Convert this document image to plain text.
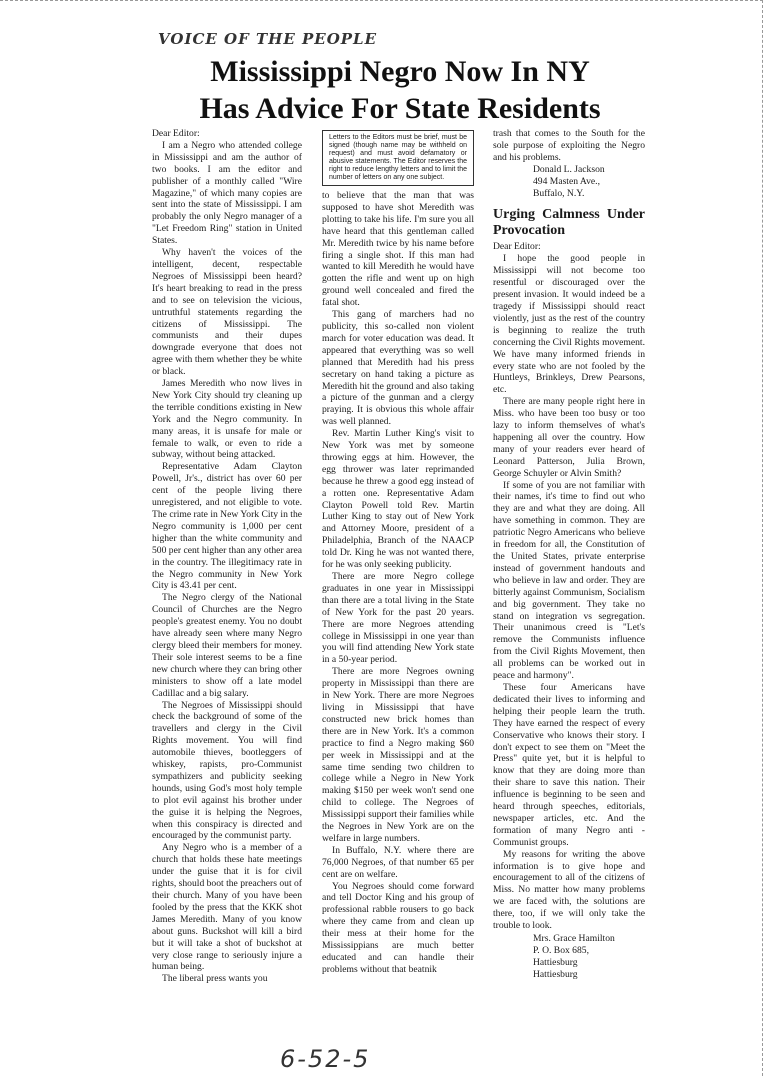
VOICE OF THE PEOPLE
Mississippi Negro Now In NY
Has Advice For State Residents

Dear Editor:

I am a Negro who attended college in Mississippi and am the author of two books. I am the editor and publisher of a monthly called "Wire Magazine," of which many copies are sent into the state of Mississippi. I am probably the only Negro manager of a "Let Freedom Ring" station in United States.

Why haven't the voices of the intelligent, decent, respectable Negroes of Mississippi been heard? It's heart breaking to read in the press and to see on television the vicious, untruthful statements regarding the citizens of Mississippi. The communists and their dupes downgrade everyone that does not agree with them whether they be white or black.

James Meredith who now lives in New York City should try cleaning up the terrible conditions existing in New York and the Negro community. In many areas, it is unsafe for male or female to walk, or even to ride a subway, without being attacked.

Representative Adam Clayton Powell, Jr's., district has over 60 per cent of the people living there unregistered, and not eligible to vote. The crime rate in New York City in the Negro community is 1,000 per cent higher than the white community and 500 per cent higher than any other area in the country. The illegitimacy rate in the Negro community in New York City is 43.41 per cent.

The Negro clergy of the National Council of Churches are the Negro people's greatest enemy. You no doubt have already seen where many Negro clergy bleed their members for money. Their sole interest seems to be a fine new church where they can bring other ministers to show off a late model Cadillac and a big salary.

The Negroes of Mississippi should check the background of some of the travellers and clergy in the Civil Rights movement. You will find automobile thieves, bootleggers of whiskey, rapists, pro-Communist sympathizers and publicity seeking hounds, using God's most holy temple to plot evil against his brother under the guise it is helping the Negroes, when this conspiracy is directed and encouraged by the communist party.

Any Negro who is a member of a church that holds these hate meetings under the guise that it is for civil rights, should boot the preachers out of their church. Many of you have been fooled by the press that the KKK shot James Meredith. Many of you know about guns. Buckshot will kill a bird but it will take a shot of buckshot at very close range to seriously injure a human being.

The liberal press wants you

Letters to the Editors must be brief, must be signed (though name may be withheld on request) and must avoid defamatory or abusive statements. The Editor reserves the right to reduce lengthy letters and to limit the number of letters on any one subject.

to believe that the man that was supposed to have shot Meredith was plotting to take his life. I'm sure you all have heard that this gentleman called Mr. Meredith twice by his name before firing a single shot. If this man had wanted to kill Meredith he would have gotten the rifle and went up on high ground well concealed and fired the fatal shot.

This gang of marchers had no publicity, this so-called non violent march for voter education was dead. It appeared that everything was so well planned that Meredith had his press secretary on hand taking a picture as Meredith hit the ground and also taking a picture of the gunman and a clergy praying. It is obvious this whole affair was well planned.

Rev. Martin Luther King's visit to New York was met by someone throwing eggs at him. However, the egg thrower was later reprimanded because he threw a good egg instead of a rotten one. Representative Adam Clayton Powell told Rev. Martin Luther King to stay out of New York and Attorney Moore, president of a Philadelphia, Branch of the NAACP told Dr. King he was not wanted there, for he was only seeking publicity.

There are more Negro college graduates in one year in Mississippi than there are a total living in the State of New York for the past 20 years. There are more Negroes attending college in Mississippi in one year than you will find attending New York state in a 50-year period.

There are more Negroes owning property in Mississippi than there are in New York. There are more Negroes living in Mississippi that have constructed new brick homes than there are in New York. It's a common practice to find a Negro making $60 per week in Mississippi and at the same time sending two children to college while a Negro in New York making $150 per week won't send one child to college. The Negroes of Mississippi support their families while the Negroes in New York are on the welfare in large numbers.

In Buffalo, N.Y. where there are 76,000 Negroes, of that number 65 per cent are on welfare.

You Negroes should come forward and tell Doctor King and his group of professional rabble rousers to go back where they came from and clean up their mess at their home for the Mississippians are much better educated and can handle their problems without that beatnik

trash that comes to the South for the sole purpose of exploiting the Negro and his problems.

Donald L. Jackson

494 Masten Ave.,

Buffalo, N.Y.

Urging Calmness Under Provocation

Dear Editor:

I hope the good people in Mississippi will not become too resentful or discouraged over the present invasion. It would indeed be a tragedy if Mississippi should react violently, just as the rest of the country is beginning to realize the truth concerning the Civil Rights movement. We have many informed friends in every state who are not fooled by the Huntleys, Brinkleys, Drew Pearsons, etc.

There are many people right here in Miss. who have been too busy or too lazy to inform themselves of what's happening all over the country. How many of your readers ever heard of Leonard Patterson, Julia Brown, George Schuyler or Alvin Smith?

If some of you are not familiar with their names, it's time to find out who they are and what they are doing. All have something in common. They are patriotic Negro Americans who believe in freedom for all, the Constitution of the United States, private enterprise instead of government handouts and who believe in law and order. They are bitterly against Communism, Socialism and big government. They take no stand on integration vs segregation. Their unanimous creed is "Let's remove the Communists influence from the Civil Rights Movement, then all problems can be worked out in peace and harmony".

These four Americans have dedicated their lives to informing and helping their people learn the truth. They have earned the respect of every Conservative who knows their story. I don't expect to see them on "Meet the Press" quite yet, but it is helpful to know that they are doing more than their share to save this nation. Their influence is beginning to be seen and heard through speeches, editorials, newspaper articles, etc. And the formation of many Negro anti - Communist groups.

My reasons for writing the above information is to give hope and encouragement to all of the citizens of Miss. No matter how many problems we are faced with, the solutions are there, too, if we will only take the trouble to look.

Mrs. Grace Hamilton

P. O. Box 685,

Hattiesburg

Hattiesburg

6-52-5
